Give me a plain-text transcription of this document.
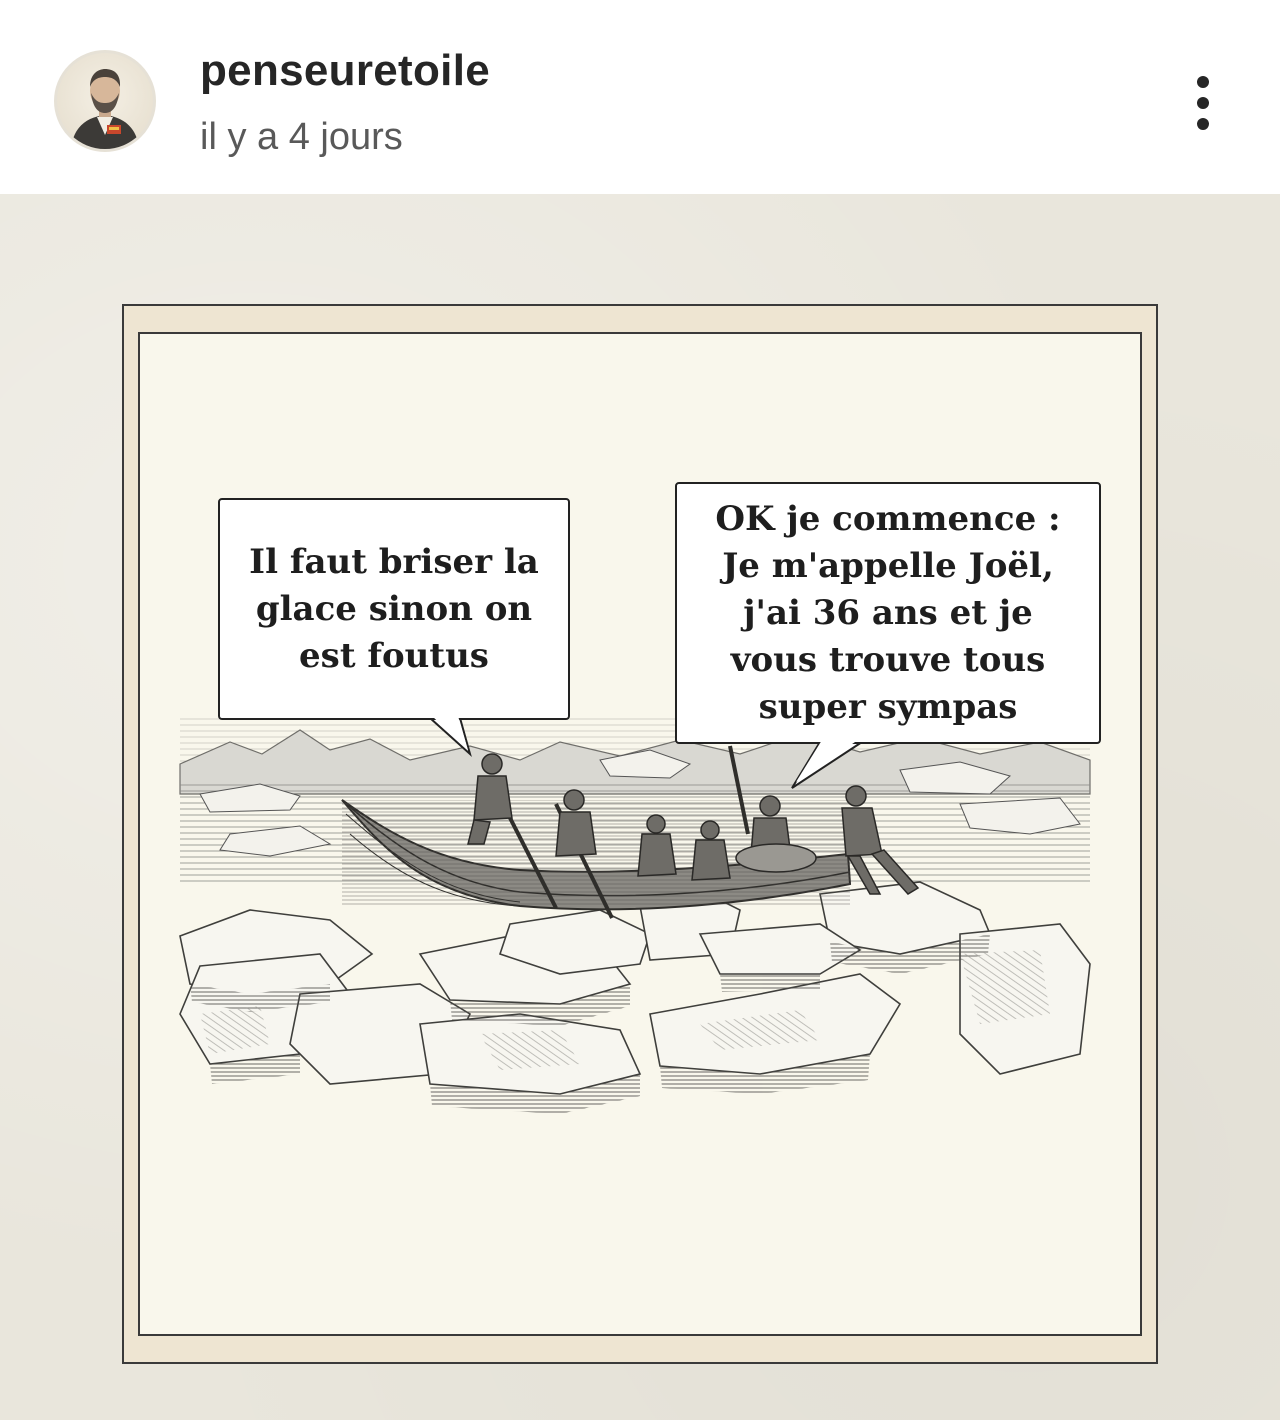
penseuretoile
il y a 4 jours
Il faut briser la
glace sinon on
est foutus
OK je commence :
Je m'appelle Joël,
j'ai 36 ans et je
vous trouve tous
super sympas
